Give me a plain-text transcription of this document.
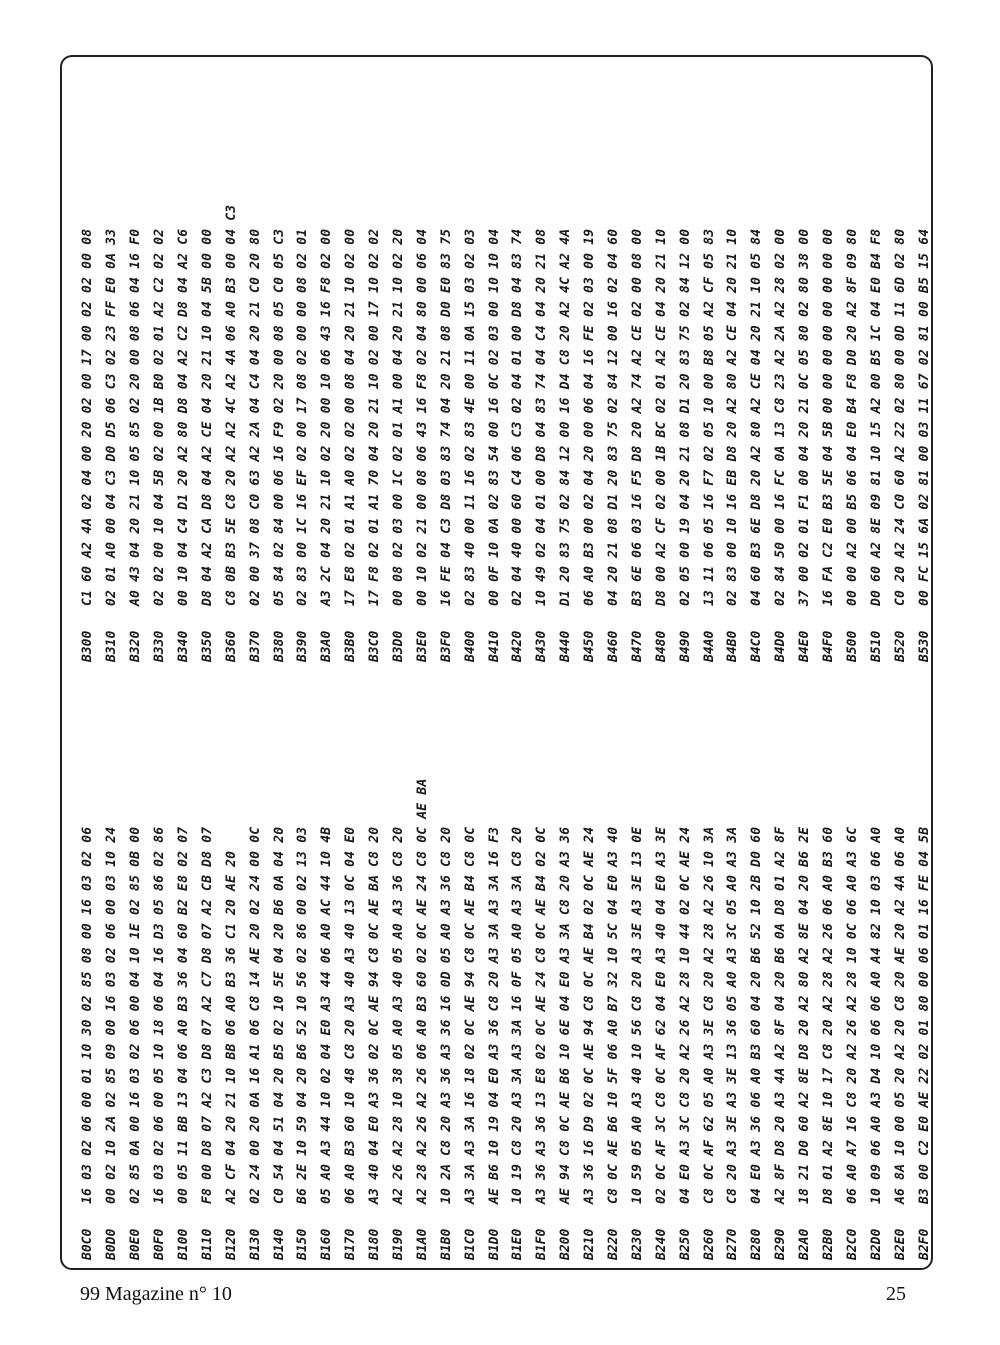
B0C0
16 03 02 06 00 01 10 30 02 85 08 00 16 03 02 06
B0D0
00 02 10 2A 02 85 09 00 16 03 02 06 00 03 10 24
B0E0
02 85 0A 00 16 03 02 06 00 04 10 1E 02 85 0B 00
B0F0
16 03 02 06 00 05 10 18 06 04 16 D3 05 86 02 86
B100
00 05 11 BB 13 04 06 A0 B3 36 04 60 B2 E8 02 07
B110
F8 00 D8 07 A2 C3 D8 07 A2 C7 D8 07 A2 CB D8 07
B120
A2 CF 04 20 21 10 BB 06 A0 B3 36 C1 20 AE 20
B130
02 24 00 20 0A 16 A1 06 C8 14 AE 20 02 24 00 0C
B140
C0 54 04 51 04 20 B5 02 10 5E 04 20 B6 0A 04 20
B150
B6 2E 10 59 04 20 B6 52 10 56 02 86 00 02 13 03
B160
05 A0 A3 44 10 02 04 E0 A3 44 06 A0 AC 44 10 4B
B170
06 A0 B3 60 10 48 C8 20 A3 40 A3 40 13 0C 04 E0
B180
A3 40 04 E0 A3 36 02 0C AE 94 C8 0C AE BA C8 20
B190
A2 26 A2 28 10 38 05 A0 A3 40 05 A0 A3 36 C8 20
B1A0
A2 28 A2 26 A2 26 06 A0 B3 60 02 0C AE 24 C8 0C AE BA
B1B0
10 2A C8 20 A3 36 A3 36 16 0D 05 A0 A3 36 C8 20
B1C0
A3 3A A3 3A 16 18 02 0C AE 94 C8 0C AE B4 C8 0C
B1D0
AE B6 10 19 04 E0 A3 36 C8 20 A3 3A A3 3A 16 F3
B1E0
10 19 C8 20 A3 3A A3 3A 16 0F 05 A0 A3 3A C8 20
B1F0
A3 36 A3 36 13 E8 02 0C AE 24 C8 0C AE B4 02 0C
B200
AE 94 C8 0C AE B6 10 6E 04 E0 A3 3A C8 20 A3 36
B210
A3 36 16 D9 02 0C AE 94 C8 0C AE B4 02 0C AE 24
B220
C8 0C AE B6 10 5F 06 A0 B7 32 10 5C 04 E0 A3 40
B230
10 59 05 A0 A3 40 10 56 C8 20 A3 3E A3 3E 13 0E
B240
02 0C AF 3C C8 0C AF 62 04 E0 A3 40 04 E0 A3 3E
B250
04 E0 A3 3C C8 20 A2 26 A2 28 10 44 02 0C AE 24
B260
C8 0C AF 62 05 A0 A3 3E C8 20 A2 28 A2 26 10 3A
B270
C8 20 A3 3E A3 3E 13 36 05 A0 A3 3C 05 A0 A3 3A
B280
04 E0 A3 36 06 A0 B3 60 04 20 B6 52 10 2B D0 60
B290
A2 8F D8 20 A3 4A A2 8F 04 20 B6 0A D8 01 A2 8F
B2A0
18 21 D0 60 A2 8E D8 20 A2 80 A2 8E 04 20 B6 2E
B2B0
D8 01 A2 8E 10 17 C8 20 A2 28 A2 26 06 A0 B3 60
B2C0
06 A0 A7 16 C8 20 A2 26 A2 28 10 0C 06 A0 A3 6C
B2D0
10 09 06 A0 A3 D4 10 06 06 A0 A4 82 10 03 06 A0
B2E0
A6 8A 10 00 05 20 A2 20 C8 20 AE 20 A2 4A 06 A0
B2F0
B3 00 C2 E0 AE 22 02 01 80 00 06 01 16 FE 04 5B
B300
C1 60 A2 4A 02 04 00 20 02 00 17 00 02 02 00 08
B310
02 01 A0 00 04 C3 D0 D5 06 C3 02 23 FF E0 0A 33
B320
A0 43 04 20 21 10 05 85 02 20 00 08 06 04 16 F0
B330
02 02 00 10 04 5B 02 00 1B B0 02 01 A2 C2 02 02
B340
00 10 04 C4 D1 20 A2 80 D8 04 A2 C2 D8 04 A2 C6
B350
D8 04 A2 CA D8 04 A2 CE 04 20 21 10 04 5B 00 00
B360
C8 0B B3 5E C8 20 A2 A2 4C A2 4A 06 A0 B3 00 04 C3
B370
02 00 37 08 C0 63 A2 2A 04 C4 04 20 21 C0 20 80
B380
05 84 02 84 00 06 16 F9 02 20 00 08 05 C0 05 C3
B390
02 83 00 1C 16 EF 02 00 17 08 02 00 00 08 02 01
B3A0
A3 2C 04 20 21 10 02 20 00 10 06 43 16 F8 02 00
B3B0
17 E8 02 01 A1 A0 02 02 00 08 04 20 21 10 02 00
B3C0
17 F8 02 01 A1 70 04 20 21 10 02 00 17 10 02 02
B3D0
00 08 02 03 00 1C 02 01 A1 00 04 20 21 10 02 20
B3E0
00 10 02 21 00 08 06 43 16 F8 02 04 80 00 06 04
B3F0
16 FE 04 C3 D8 03 83 74 04 20 21 08 D0 E0 83 75
B400
02 83 40 00 11 16 02 83 4E 00 11 0A 15 03 02 03
B410
00 0F 10 0A 02 83 54 00 16 0C 02 03 00 10 10 04
B420
02 04 40 00 60 C4 06 C3 02 04 01 00 D8 04 83 74
B430
10 49 02 04 01 00 D8 04 83 74 04 C4 04 20 21 08
B440
D1 20 83 75 02 84 12 00 16 D4 C8 20 A2 4C A2 4A
B450
06 A0 B3 00 02 04 20 00 06 04 16 FE 02 03 00 19
B460
04 20 21 08 D1 20 83 75 02 84 12 00 16 02 04 60
B470
B3 6E 06 03 16 F5 D8 20 A2 74 A2 CE 02 00 08 00
B480
D8 00 A2 CF 02 00 1B BC 02 01 A2 CE 04 20 21 10
B490
02 05 00 19 04 20 21 08 D1 20 83 75 02 84 12 00
B4A0
13 11 06 05 16 F7 02 05 10 00 B8 05 A2 CF 05 83
B4B0
02 83 00 10 16 EB D8 20 A2 80 A2 CE 04 20 21 10
B4C0
04 60 B3 6E D8 20 A2 80 A2 CE 04 20 21 10 05 84
B4D0
02 84 50 00 16 FC 0A 13 C8 23 A2 2A A2 28 02 00
B4E0
37 00 02 01 F1 00 04 20 21 0C 05 80 02 80 38 00
B4F0
16 FA C2 E0 B3 5E 04 5B 00 00 00 00 00 00 00 00
B500
00 00 A2 00 B5 06 04 E0 B4 F8 D0 20 A2 8F 09 80
B510
D0 60 A2 8E 09 81 10 15 A2 00 B5 1C 04 E0 B4 F8
B520
C0 20 A2 24 C0 60 A2 22 02 80 00 0D 11 6D 02 80
B530
00 FC 15 6A 02 81 00 03 11 67 02 81 00 B5 15 64
99 Magazine n° 10	25
